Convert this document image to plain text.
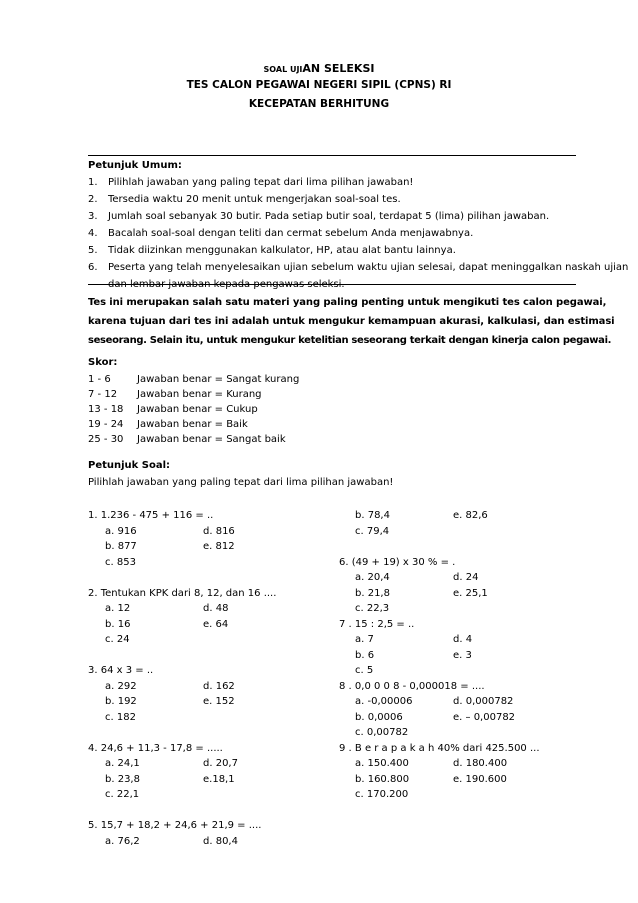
SOAL UJIAN SELEKSI
TES CALON PEGAWAI NEGERI SIPIL (CPNS) RI
KECEPATAN BERHITUNG
Petunjuk Umum:
1. Pilihlah jawaban yang paling tepat dari lima pilihan jawaban!
2. Tersedia waktu 20 menit untuk mengerjakan soal-soal tes.
3. Jumlah soal sebanyak 30 butir. Pada setiap butir soal, terdapat 5 (lima) pilihan jawaban.
4. Bacalah soal-soal dengan teliti dan cermat sebelum Anda menjawabnya.
5. Tidak diizinkan menggunakan kalkulator, HP, atau alat bantu lainnya.
6. Peserta yang telah menyelesaikan ujian sebelum waktu ujian selesai, dapat meninggalkan naskah ujian
dan lembar jawaban kepada pengawas seleksi.
Tes ini merupakan salah satu materi yang paling penting untuk mengikuti tes calon pegawai,
karena tujuan dari tes ini adalah untuk mengukur kemampuan akurasi, kalkulasi, dan estimasi
seseorang. Selain itu, untuk mengukur ketelitian seseorang terkait dengan kinerja calon pegawai.
Skor:
1 - 6	Jawaban benar = Sangat kurang
7 - 12 Jawaban benar = Kurang
13 - 18 Jawaban benar = Cukup
19 - 24 Jawaban benar = Baik
25 - 30 Jawaban benar = Sangat baik
Petunjuk Soal:
Pilihlah jawaban yang paling tepat dari lima pilihan jawaban!
1. 1.236 - 475 + 116 = ..
a. 916	d. 816
b. 877	e. 812
c. 853
2. Tentukan KPK dari 8, 12, dan 16 ....
a. 12	d. 48
b. 16	e. 64
c. 24
3. 64 x 3 = ..
a. 292	d. 162
b. 192	e. 152
c. 182
4. 24,6 + 11,3 - 17,8 = .....
a. 24,1	d. 20,7
b. 23,8	e.18,1
c. 22,1
5. 15,7 + 18,2 + 24,6 + 21,9 = ....
a. 76,2	d. 80,4
b. 78,4	e. 82,6
c. 79,4
6. (49 + 19) x 30 % = .
a. 20,4	d. 24
b. 21,8	e. 25,1
c. 22,3
7 . 15 : 2,5 = ..
a. 7	d. 4
b. 6	e. 3
c. 5
8 . 0,0 0 0 8 - 0,000018 = ....
a. -0,00006	d. 0,000782
b. 0,0006	e. – 0,00782
c. 0,00782
9 . B e r a p a k a h 40% dari 425.500 ...
a. 150.400	d. 180.400
b. 160.800	e. 190.600
c. 170.200
